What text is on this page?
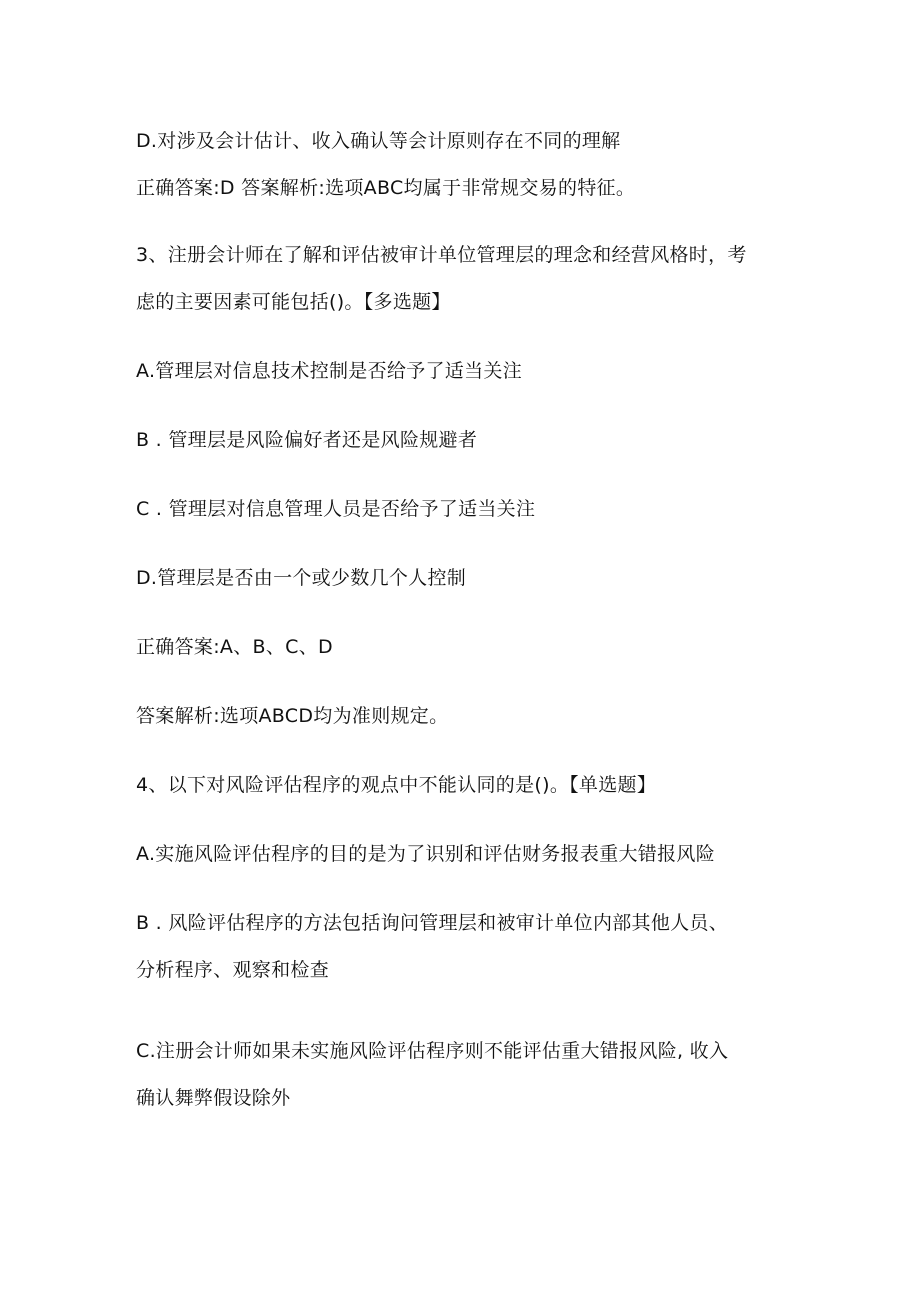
D.对涉及会计估计、收入确认等会计原则存在不同的理解
正确答案:D 答案解析:选项ABC均属于非常规交易的特征。
3、注册会计师在了解和评估被审计单位管理层的理念和经营风格时，考
虑的主要因素可能包括()。【多选题】
A.管理层对信息技术控制是否给予了适当关注
B . 管理层是风险偏好者还是风险规避者
C . 管理层对信息管理人员是否给予了适当关注
D.管理层是否由一个或少数几个人控制
正确答案:A、B、C、D
答案解析:选项ABCD均为准则规定。
4、以下对风险评估程序的观点中不能认同的是()。【单选题】
A.实施风险评估程序的目的是为了识别和评估财务报表重大错报风险
B . 风险评估程序的方法包括询问管理层和被审计单位内部其他人员、
分析程序、观察和检查
C.注册会计师如果未实施风险评估程序则不能评估重大错报风险, 收入
确认舞弊假设除外
